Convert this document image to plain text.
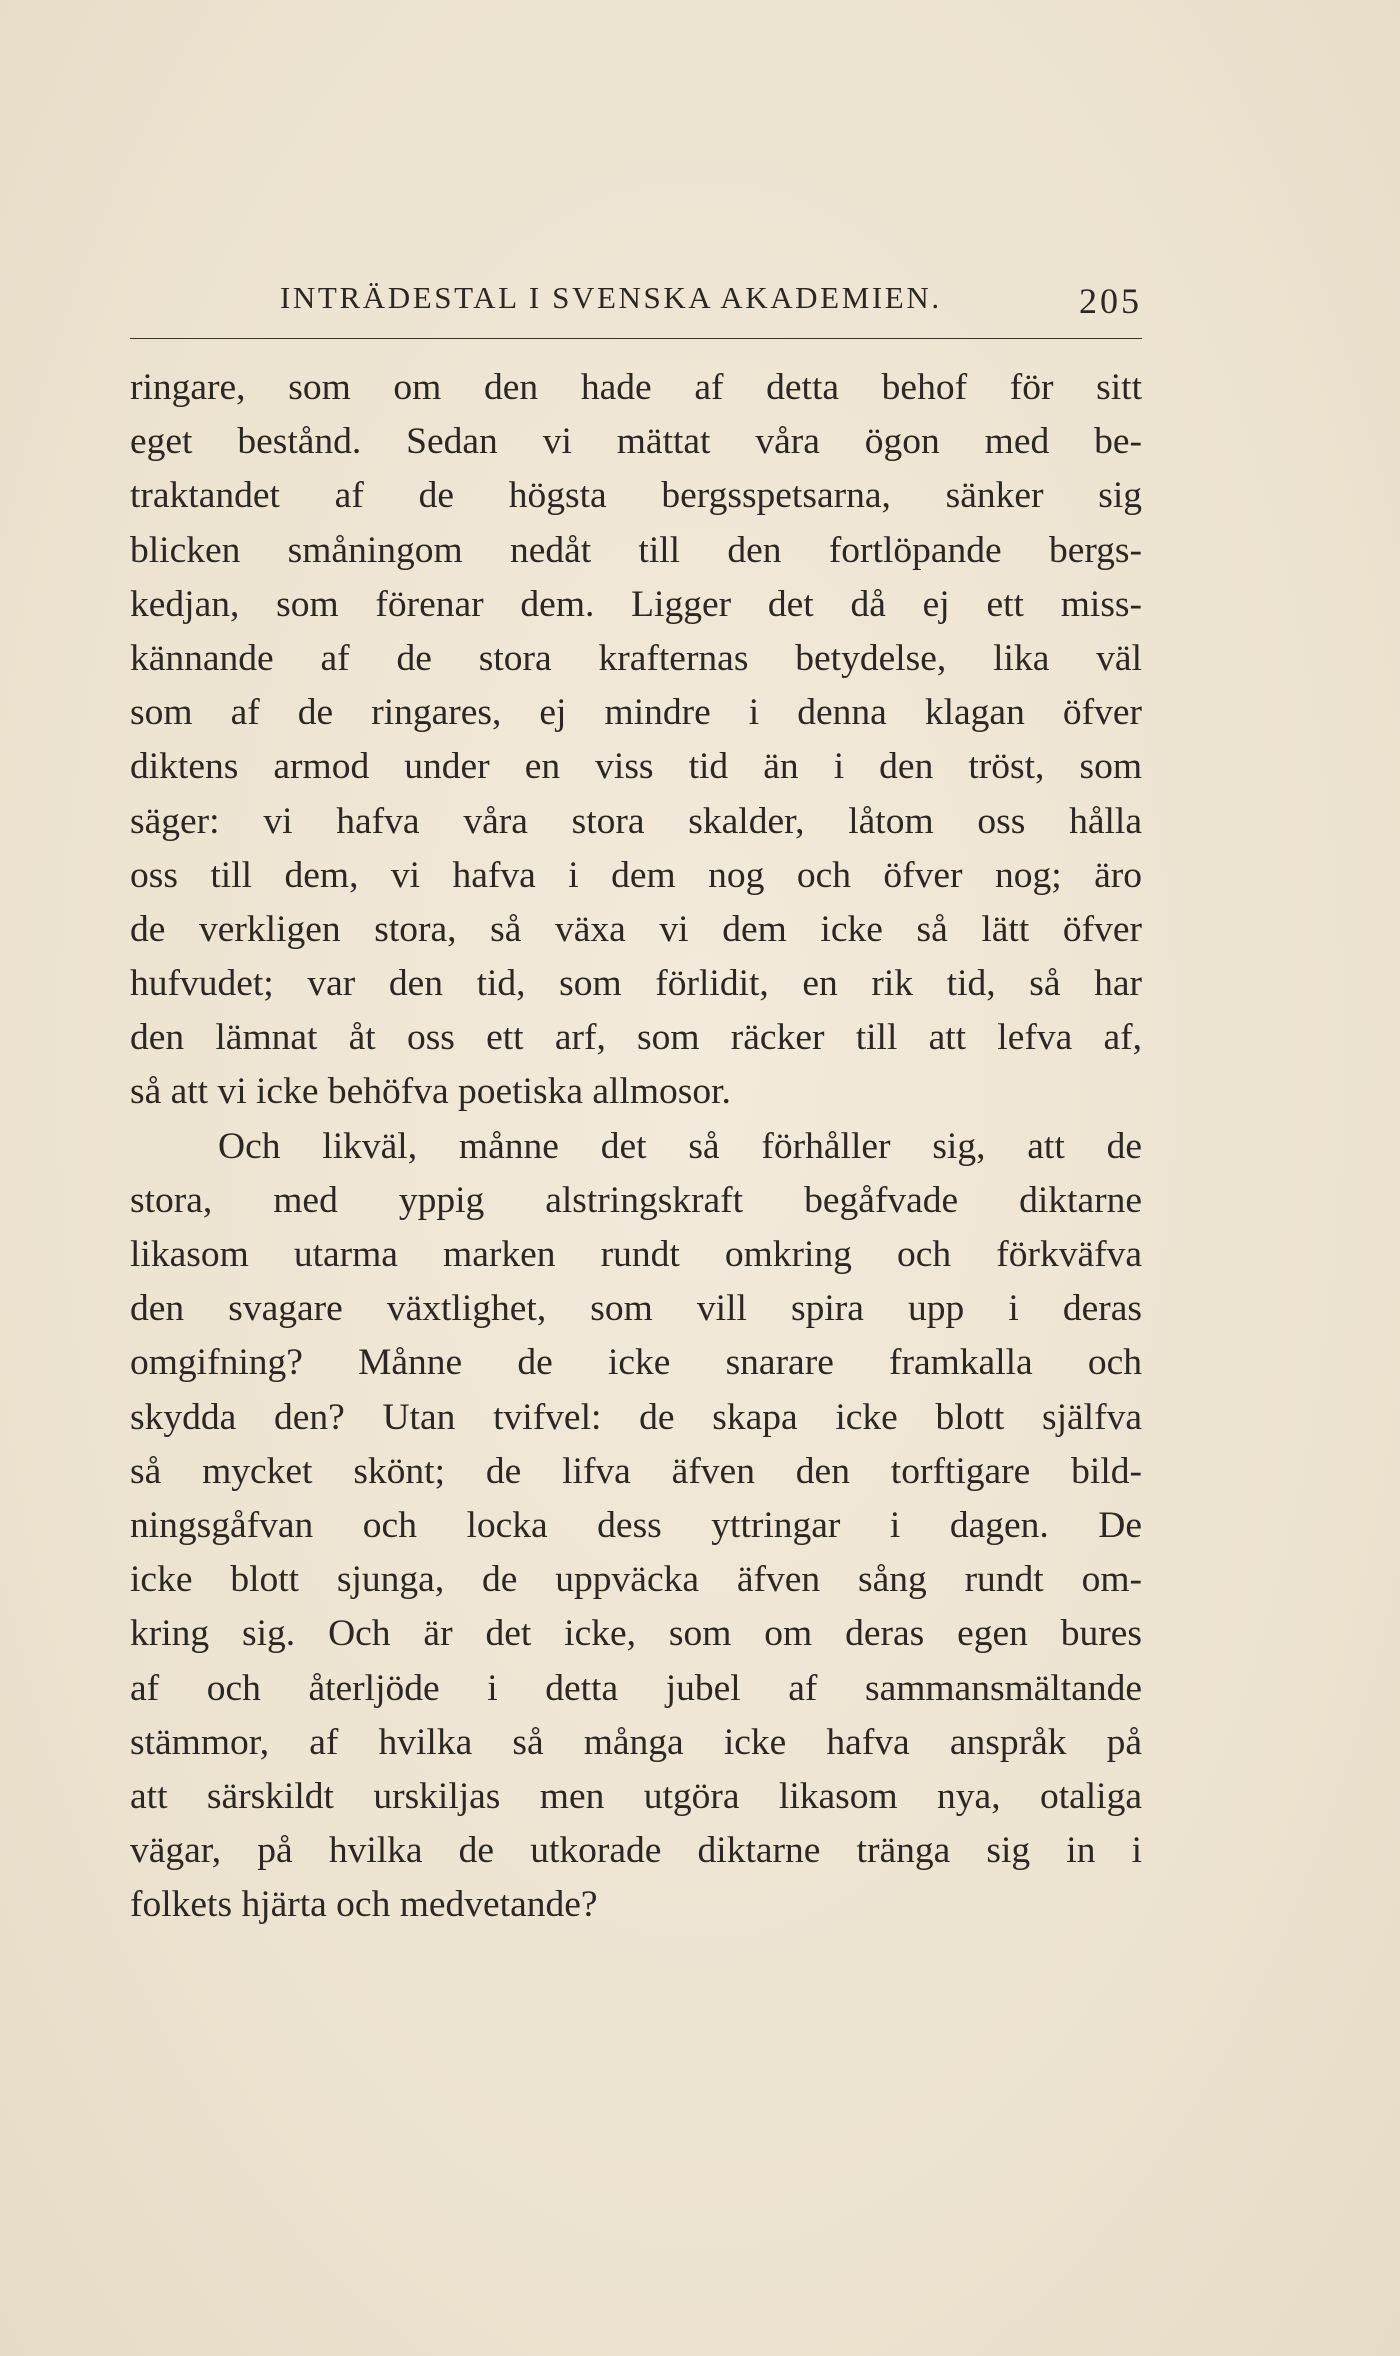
INTRÄDESTAL I SVENSKA AKADEMIEN.	205
ringare, som om den hade af detta behof för sitt
eget bestånd. Sedan vi mättat våra ögon med be-
traktandet af de högsta bergsspetsarna, sänker sig
blicken småningom nedåt till den fortlöpande bergs-
kedjan, som förenar dem. Ligger det då ej ett miss-
kännande af de stora krafternas betydelse, lika väl
som af de ringares, ej mindre i denna klagan öfver
diktens armod under en viss tid än i den tröst, som
säger: vi hafva våra stora skalder, låtom oss hålla
oss till dem, vi hafva i dem nog och öfver nog; äro
de verkligen stora, så växa vi dem icke så lätt öfver
hufvudet; var den tid, som förlidit, en rik tid, så har
den lämnat åt oss ett arf, som räcker till att lefva af,
så att vi icke behöfva poetiska allmosor.
Och likväl, månne det så förhåller sig, att de
stora, med yppig alstringskraft begåfvade diktarne
likasom utarma marken rundt omkring och förkväfva
den svagare växtlighet, som vill spira upp i deras
omgifning? Månne de icke snarare framkalla och
skydda den? Utan tvifvel: de skapa icke blott själfva
så mycket skönt; de lifva äfven den torftigare bild-
ningsgåfvan och locka dess yttringar i dagen. De
icke blott sjunga, de uppväcka äfven sång rundt om-
kring sig. Och är det icke, som om deras egen bures
af och återljöde i detta jubel af sammansmältande
stämmor, af hvilka så många icke hafva anspråk på
att särskildt urskiljas men utgöra likasom nya, otaliga
vägar, på hvilka de utkorade diktarne tränga sig in i
folkets hjärta och medvetande?
